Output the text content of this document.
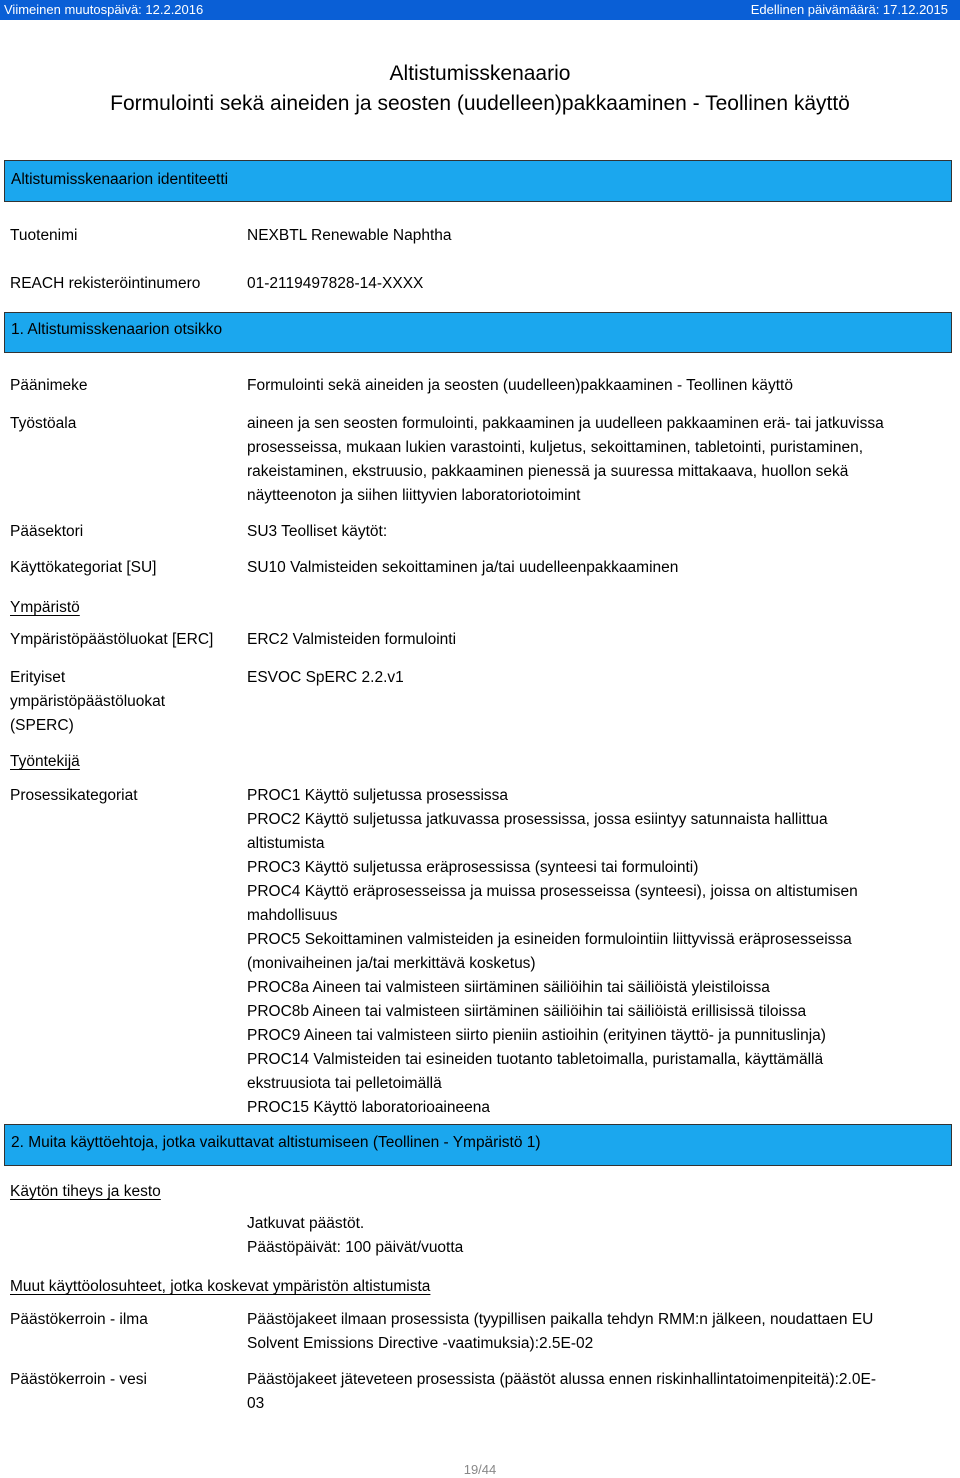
Viimeinen muutospäivä: 12.2.2016	Edellinen päivämäärä: 17.12.2015
Altistumisskenaario
Formulointi sekä aineiden ja seosten (uudelleen)pakkaaminen - Teollinen käyttö
Altistumisskenaarion identiteetti
Tuotenimi	NEXBTL Renewable Naphtha
REACH rekisteröintinumero	01-2119497828-14-XXXX
1. Altistumisskenaarion otsikko
Päänimeke	Formulointi sekä aineiden ja seosten (uudelleen)pakkaaminen - Teollinen käyttö
Työstöala	aineen ja sen seosten formulointi, pakkaaminen ja uudelleen pakkaaminen erä- tai jatkuvissa

prosesseissa, mukaan lukien varastointi, kuljetus, sekoittaminen, tabletointi, puristaminen,

rakeistaminen, ekstruusio, pakkaaminen pienessä ja suuressa mittakaava, huollon sekä

näytteenoton ja siihen liittyvien laboratoriotoimint

Pääsektori	SU3 Teolliset käytöt:
Käyttökategoriat [SU]	SU10 Valmisteiden sekoittaminen ja/tai uudelleenpakkaaminen
Ympäristö
Ympäristöpäästöluokat [ERC]	ERC2 Valmisteiden formulointi

Erityiset

ympäristöpäästöluokat

(SPERC)

ESVOC SpERC 2.2.v1
Työntekijä
Prosessikategoriat	PROC1 Käyttö suljetussa prosessissa

PROC2 Käyttö suljetussa jatkuvassa prosessissa, jossa esiintyy satunnaista hallittua

altistumista

PROC3 Käyttö suljetussa eräprosessissa (synteesi tai formulointi)

PROC4 Käyttö eräprosesseissa ja muissa prosesseissa (synteesi), joissa on altistumisen

mahdollisuus

PROC5 Sekoittaminen valmisteiden ja esineiden formulointiin liittyvissä eräprosesseissa

(monivaiheinen ja/tai merkittävä kosketus)

PROC8a Aineen tai valmisteen siirtäminen säiliöihin tai säiliöistä yleistiloissa

PROC8b Aineen tai valmisteen siirtäminen säiliöihin tai säiliöistä erillisissä tiloissa

PROC9 Aineen tai valmisteen siirto pieniin astioihin (erityinen täyttö- ja punnituslinja)

PROC14 Valmisteiden tai esineiden tuotanto tabletoimalla, puristamalla, käyttämällä

ekstruusiota tai pelletoimällä

PROC15 Käyttö laboratorioaineena

2. Muita käyttöehtoja, jotka vaikuttavat altistumiseen (Teollinen - Ympäristö 1)
Käytön tiheys ja kesto

Jatkuvat päästöt.

Päästöpäivät: 100 päivät/vuotta

Muut käyttöolosuhteet, jotka koskevat ympäristön altistumista
Päästökerroin - ilma	Päästöjakeet ilmaan prosessista (tyypillisen paikalla tehdyn RMM:n jälkeen, noudattaen EU

Solvent Emissions Directive -vaatimuksia):2.5E-02

Päästökerroin - vesi	Päästöjakeet jäteveteen prosessista (päästöt alussa ennen riskinhallintatoimenpiteitä):2.0E-

03

19/44
